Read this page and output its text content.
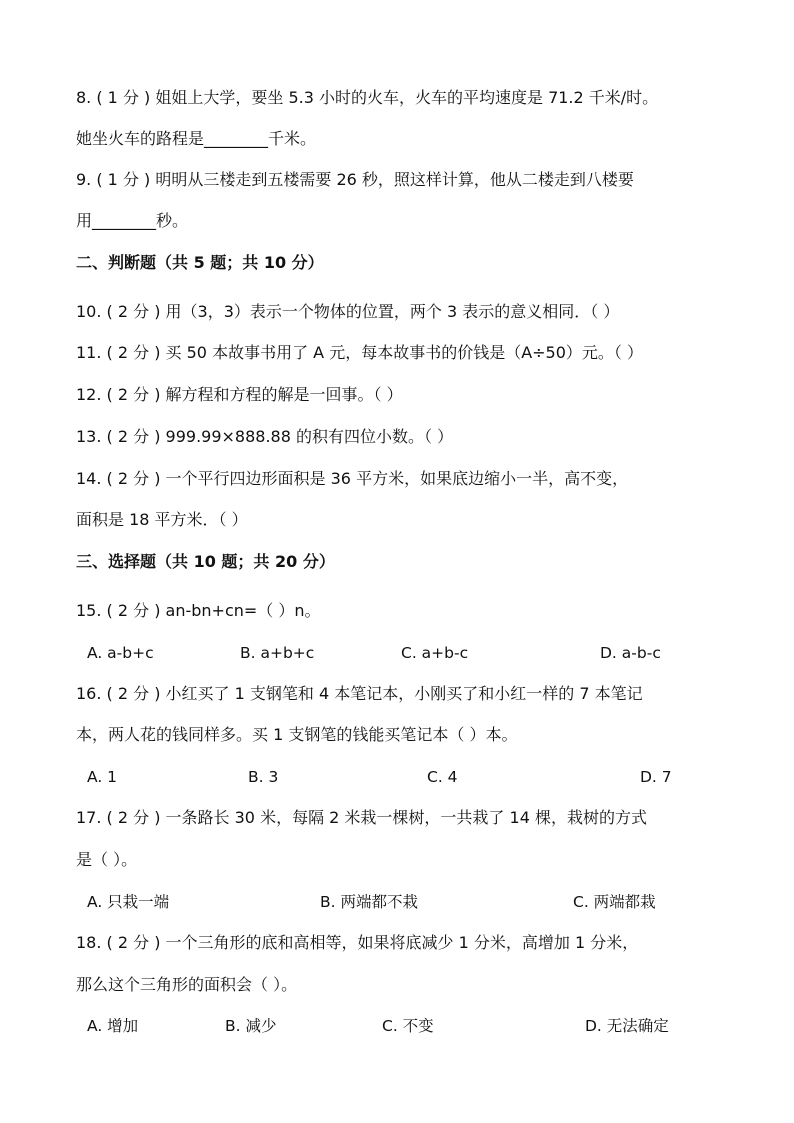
8. ( 1 分 ) 姐姐上大学，要坐 5.3 小时的火车，火车的平均速度是 71.2 千米/时。
她坐火车的路程是________千米。
9. ( 1 分 ) 明明从三楼走到五楼需要 26 秒，照这样计算，他从二楼走到八楼要
用________秒。
二、判断题（共 5 题；共 10 分）
10. ( 2 分 ) 用（3，3）表示一个物体的位置，两个 3 表示的意义相同．（ ）
11. ( 2 分 ) 买 50 本故事书用了 A 元，每本故事书的价钱是（A÷50）元。（ ）
12. ( 2 分 ) 解方程和方程的解是一回事。（ ）
13. ( 2 分 ) 999.99×888.88 的积有四位小数。（ ）
14. ( 2 分 ) 一个平行四边形面积是 36 平方米，如果底边缩小一半，高不变，
面积是 18 平方米．（ ）
三、选择题（共 10 题；共 20 分）
15. ( 2 分 ) an-bn+cn=（ ）n。
A. a-b+c	B. a+b+c	C. a+b-c	D. a-b-c
16. ( 2 分 ) 小红买了 1 支钢笔和 4 本笔记本，小刚买了和小红一样的 7 本笔记
本，两人花的钱同样多。买 1 支钢笔的钱能买笔记本（ ）本。
A. 1	B. 3	C. 4	D. 7
17. ( 2 分 ) 一条路长 30 米，每隔 2 米栽一棵树，一共栽了 14 棵，栽树的方式
是（ ）。
A. 只栽一端	B. 两端都不栽	C. 两端都栽
18. ( 2 分 ) 一个三角形的底和高相等，如果将底减少 1 分米，高增加 1 分米，
那么这个三角形的面积会（ ）。
A. 增加	B. 减少	C. 不变	D. 无法确定
